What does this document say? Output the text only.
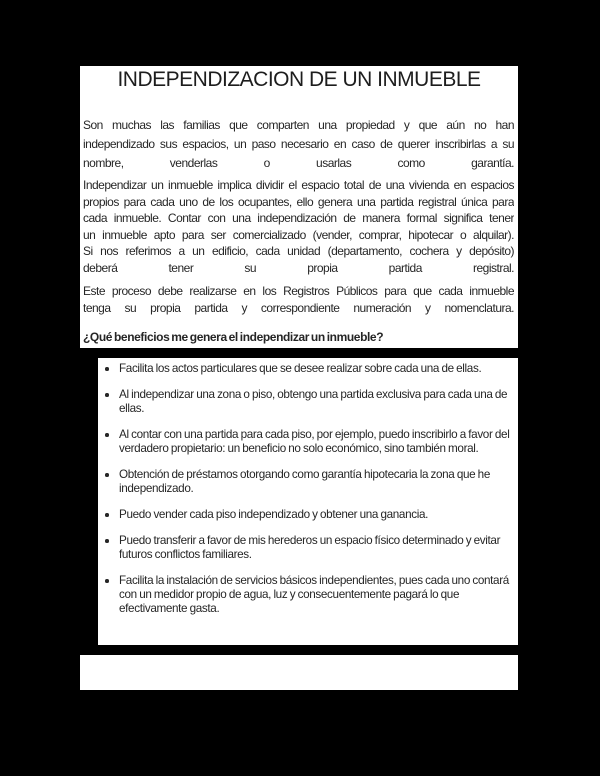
INDEPENDIZACION DE UN INMUEBLE
Son muchas las familias que comparten una propiedad y que aún no han
independizado sus espacios, un paso necesario en caso de querer inscribirlas a su
nombre, venderlas o usarlas como garantía.
Independizar un inmueble implica dividir el espacio total de una vivienda en espacios
propios para cada uno de los ocupantes, ello genera una partida registral única para
cada inmueble. Contar con una independización de manera formal significa tener
un inmueble apto para ser comercializado (vender, comprar, hipotecar o alquilar).
Si nos referimos a un edificio, cada unidad (departamento, cochera y depósito)
deberá tener su propia partida registral.
Este proceso debe realizarse en los Registros Públicos para que cada inmueble
tenga su propia partida y correspondiente numeración y nomenclatura.
¿Qué beneficios me genera el independizar un inmueble?
Facilita los actos particulares que se desee realizar sobre cada una de ellas.
Al independizar una zona o piso, obtengo una partida exclusiva para cada una de ellas.
Al contar con una partida para cada piso, por ejemplo, puedo inscribirlo a favor del verdadero propietario: un beneficio no solo económico, sino también moral.
Obtención de préstamos otorgando como garantía hipotecaria la zona que he independizado.
Puedo vender cada piso independizado y obtener una ganancia.
Puedo transferir a favor de mis herederos un espacio físico determinado y evitar futuros conflictos familiares.
Facilita la instalación de servicios básicos independientes, pues cada uno contará con un medidor propio de agua, luz y consecuentemente pagará lo que efectivamente gasta.
